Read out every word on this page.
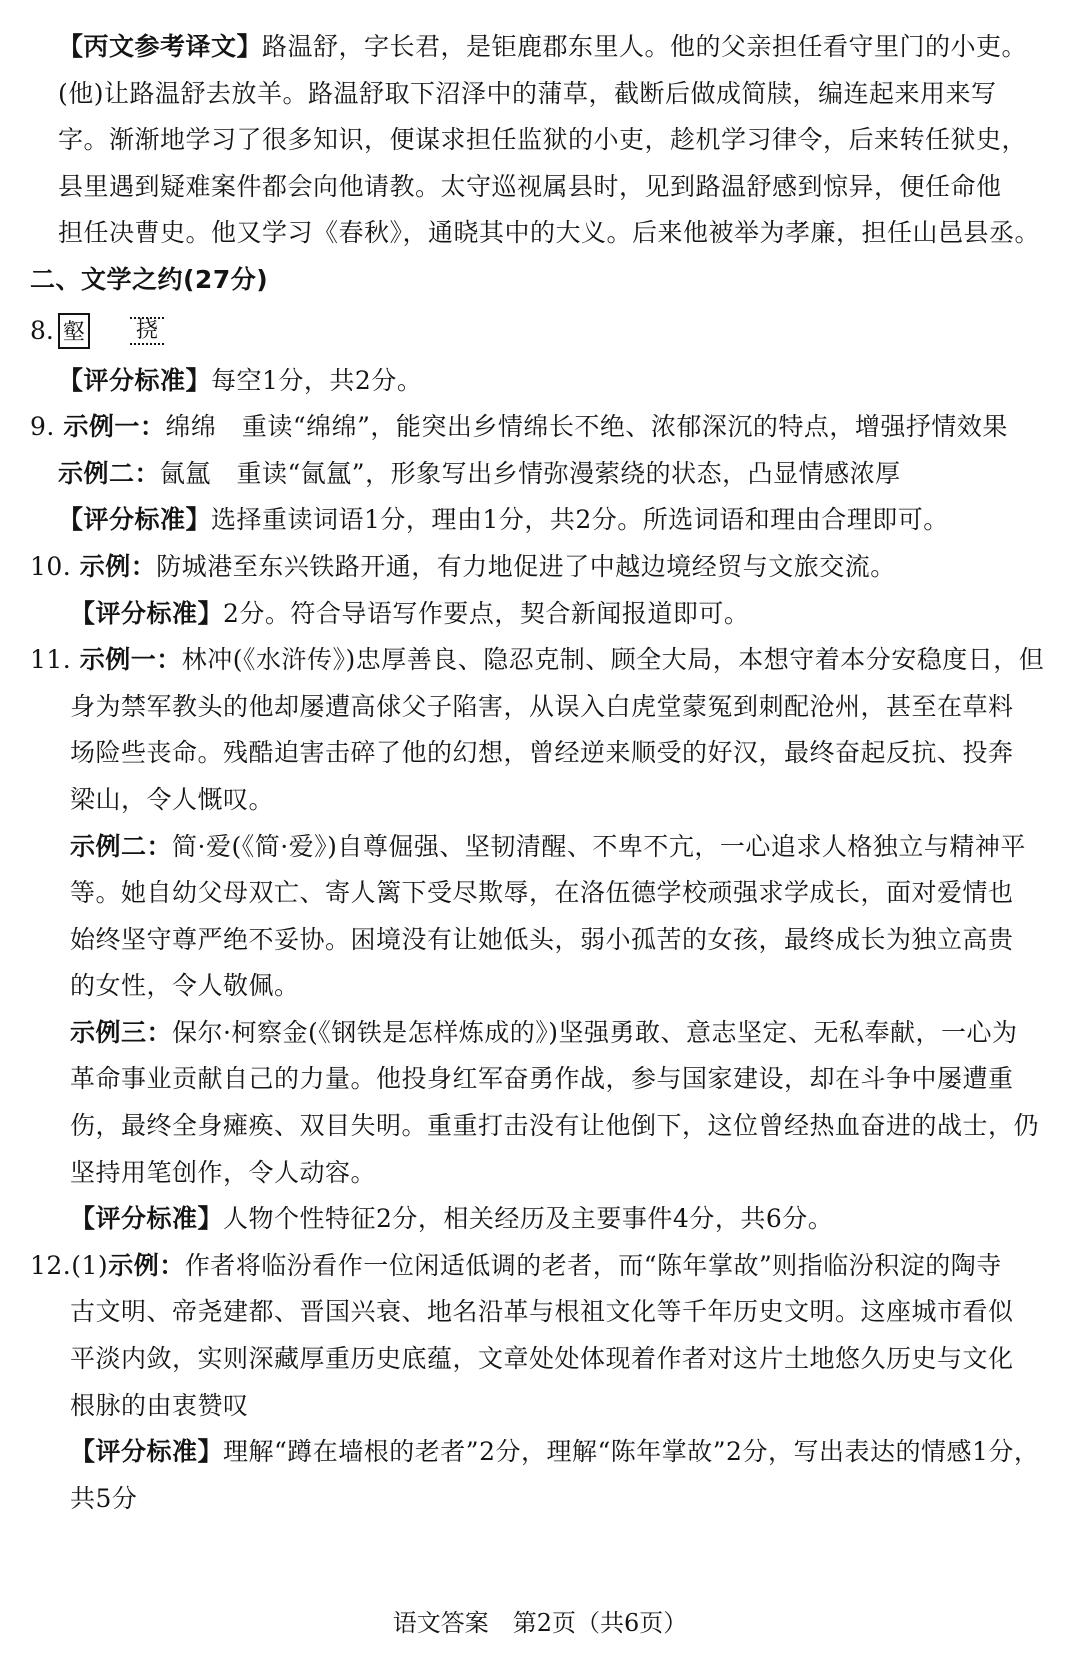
【丙文参考译文】路温舒，字长君，是钜鹿郡东里人。他的父亲担任看守里门的小吏。
(他)让路温舒去放羊。路温舒取下沼泽中的蒲草，截断后做成简牍，编连起来用来写
字。渐渐地学习了很多知识，便谋求担任监狱的小吏，趁机学习律令，后来转任狱史，
县里遇到疑难案件都会向他请教。太守巡视属县时，见到路温舒感到惊异，便任命他
担任决曹史。他又学习《春秋》，通晓其中的大义。后来他被举为孝廉，担任山邑县丞。
二、文学之约(27分)
8. 壑 挠
【评分标准】每空1分，共2分。
9. 示例一：绵绵　重读“绵绵”，能突出乡情绵长不绝、浓郁深沉的特点，增强抒情效果
示例二：氤氲　重读“氤氲”，形象写出乡情弥漫萦绕的状态，凸显情感浓厚
【评分标准】选择重读词语1分，理由1分，共2分。所选词语和理由合理即可。
10. 示例：防城港至东兴铁路开通，有力地促进了中越边境经贸与文旅交流。
【评分标准】2分。符合导语写作要点，契合新闻报道即可。
11. 示例一：林冲(《水浒传》)忠厚善良、隐忍克制、顾全大局，本想守着本分安稳度日，但
身为禁军教头的他却屡遭高俅父子陷害，从误入白虎堂蒙冤到刺配沧州，甚至在草料
场险些丧命。残酷迫害击碎了他的幻想，曾经逆来顺受的好汉，最终奋起反抗、投奔
梁山，令人慨叹。
示例二：简·爱(《简·爱》)自尊倔强、坚韧清醒、不卑不亢，一心追求人格独立与精神平
等。她自幼父母双亡、寄人篱下受尽欺辱，在洛伍德学校顽强求学成长，面对爱情也
始终坚守尊严绝不妥协。困境没有让她低头，弱小孤苦的女孩，最终成长为独立高贵
的女性，令人敬佩。
示例三：保尔·柯察金(《钢铁是怎样炼成的》)坚强勇敢、意志坚定、无私奉献，一心为
革命事业贡献自己的力量。他投身红军奋勇作战，参与国家建设，却在斗争中屡遭重
伤，最终全身瘫痪、双目失明。重重打击没有让他倒下，这位曾经热血奋进的战士，仍
坚持用笔创作，令人动容。
【评分标准】人物个性特征2分，相关经历及主要事件4分，共6分。
12.(1)示例：作者将临汾看作一位闲适低调的老者，而“陈年掌故”则指临汾积淀的陶寺
古文明、帝尧建都、晋国兴衰、地名沿革与根祖文化等千年历史文明。这座城市看似
平淡内敛，实则深藏厚重历史底蕴，文章处处体现着作者对这片土地悠久历史与文化
根脉的由衷赞叹
【评分标准】理解“蹲在墙根的老者”2分，理解“陈年掌故”2分，写出表达的情感1分，
共5分
语文答案　第2页（共6页）
